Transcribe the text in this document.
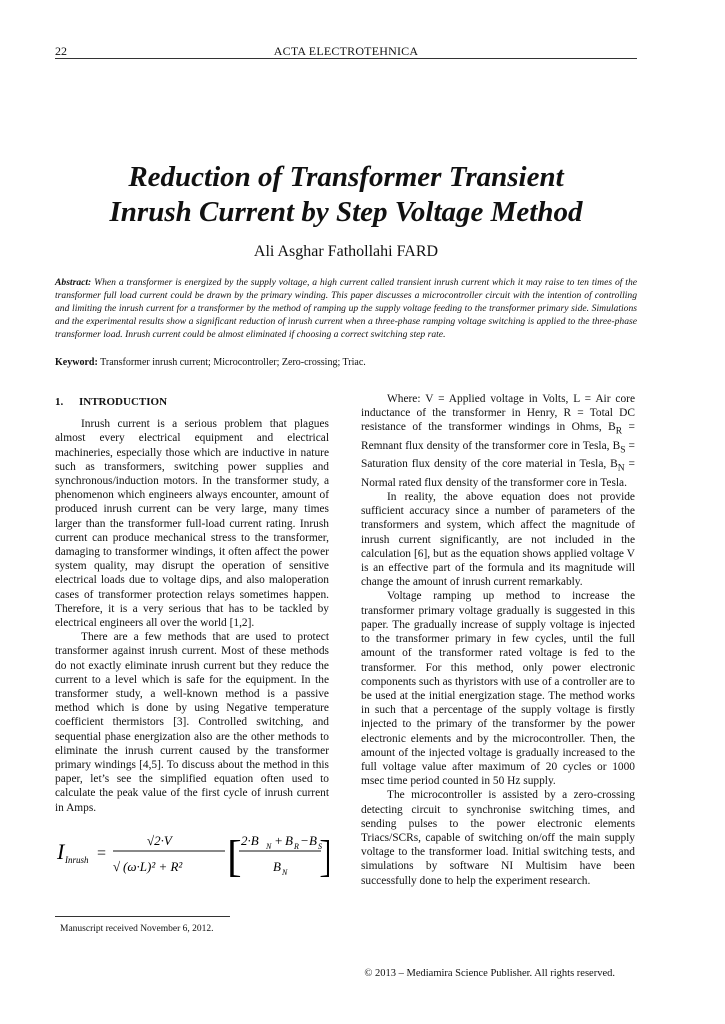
22	ACTA ELECTROTEHNICA
Reduction of Transformer Transient
Inrush Current by Step Voltage Method
Ali Asghar Fathollahi FARD
Abstract: When a transformer is energized by the supply voltage, a high current called transient inrush current which it may raise to ten times of the transformer full load current could be drawn by the primary winding. This paper discusses a microcontroller circuit with the intention of controlling and limiting the inrush current for a transformer by the method of ramping up the supply voltage feeding to the transformer primary side. Simulations and the experimental results show a significant reduction of inrush current when a three-phase ramping voltage switching is applied to the three-phase transformer load. Inrush current could be almost eliminated if choosing a correct switching step rate.
Keyword: Transformer inrush current; Microcontroller; Zero-crossing; Triac.
1. INTRODUCTION

Inrush current is a serious problem that plagues almost every electrical equipment and electrical machineries, especially those which are inductive in nature such as transformers, switching power supplies and synchronous/induction motors. In the transformer study, a phenomenon which engineers always encounter, amount of produced inrush current can be very large, many times larger than the transformer full-load current rating. Inrush current can produce mechanical stress to the transformer, damaging to transformer windings, it often affect the power system quality, may disrupt the operation of sensitive electrical loads due to voltage dips, and also maloperation cases of transformer protection relays sometimes happen. Therefore, it is a very serious that has to be tackled by electrical engineers all over the world [1,2].

There are a few methods that are used to protect transformer against inrush current. Most of these methods do not exactly eliminate inrush current but they reduce the current to a level which is safe for the equipment. In the transformer study, a well-known method is a passive method which is done by using Negative temperature coefficient thermistors [3]. Controlled switching, and sequential phase energization also are the other methods to eliminate the inrush current caused by the transformer primary windings [4,5]. To discuss about the method in this paper, let’s see the simplified equation often used to calculate the peak value of the first cycle of inrush current in Amps.

I Inrush =
√2·V
√ (ω·L)² + R² [ 2·B N + B R − B S
B N

Where: V = Applied voltage in Volts, L = Air core inductance of the transformer in Henry, R = Total DC resistance of the transformer windings in Ohms, $B_R$ = Remnant flux density of the transformer core in Tesla, $B_S$ = Saturation flux density of the core material in Tesla, $B_N$ = Normal rated flux density of the transformer core in Tesla.

In reality, the above equation does not provide sufficient accuracy since a number of parameters of the transformers and system, which affect the magnitude of inrush current significantly, are not included in the calculation [6], but as the equation shows applied voltage V is an effective part of the formula and its magnitude will change the amount of inrush current remarkably.

Voltage ramping up method to increase the transformer primary voltage gradually is suggested in this paper. The gradually increase of supply voltage is injected to the transformer primary in few cycles, until the full amount of the transformer rated voltage is fed to the transformer. For this method, only power electronic components such as thyristors with use of a controller are to be used at the initial energization stage. The method works in such that a percentage of the supply voltage is firstly injected to the primary of the transformer by the power electronic elements and by the microcontroller. Then, the amount of the injected voltage is gradually increased to the full voltage value after maximum of 20 cycles or 1000 msec time period counted in 50 Hz supply.

The microcontroller is assisted by a zero-crossing detecting circuit to synchronise switching times, and sending pulses to the power electronic elements Triacs/SCRs, capable of switching on/off the main supply voltage to the transformer load. Initial switching tests, and simulations by software NI Multisim have been successfully done to help the experiment research.

Manuscript received November 6, 2012.
© 2013 – Mediamira Science Publisher. All rights reserved.
